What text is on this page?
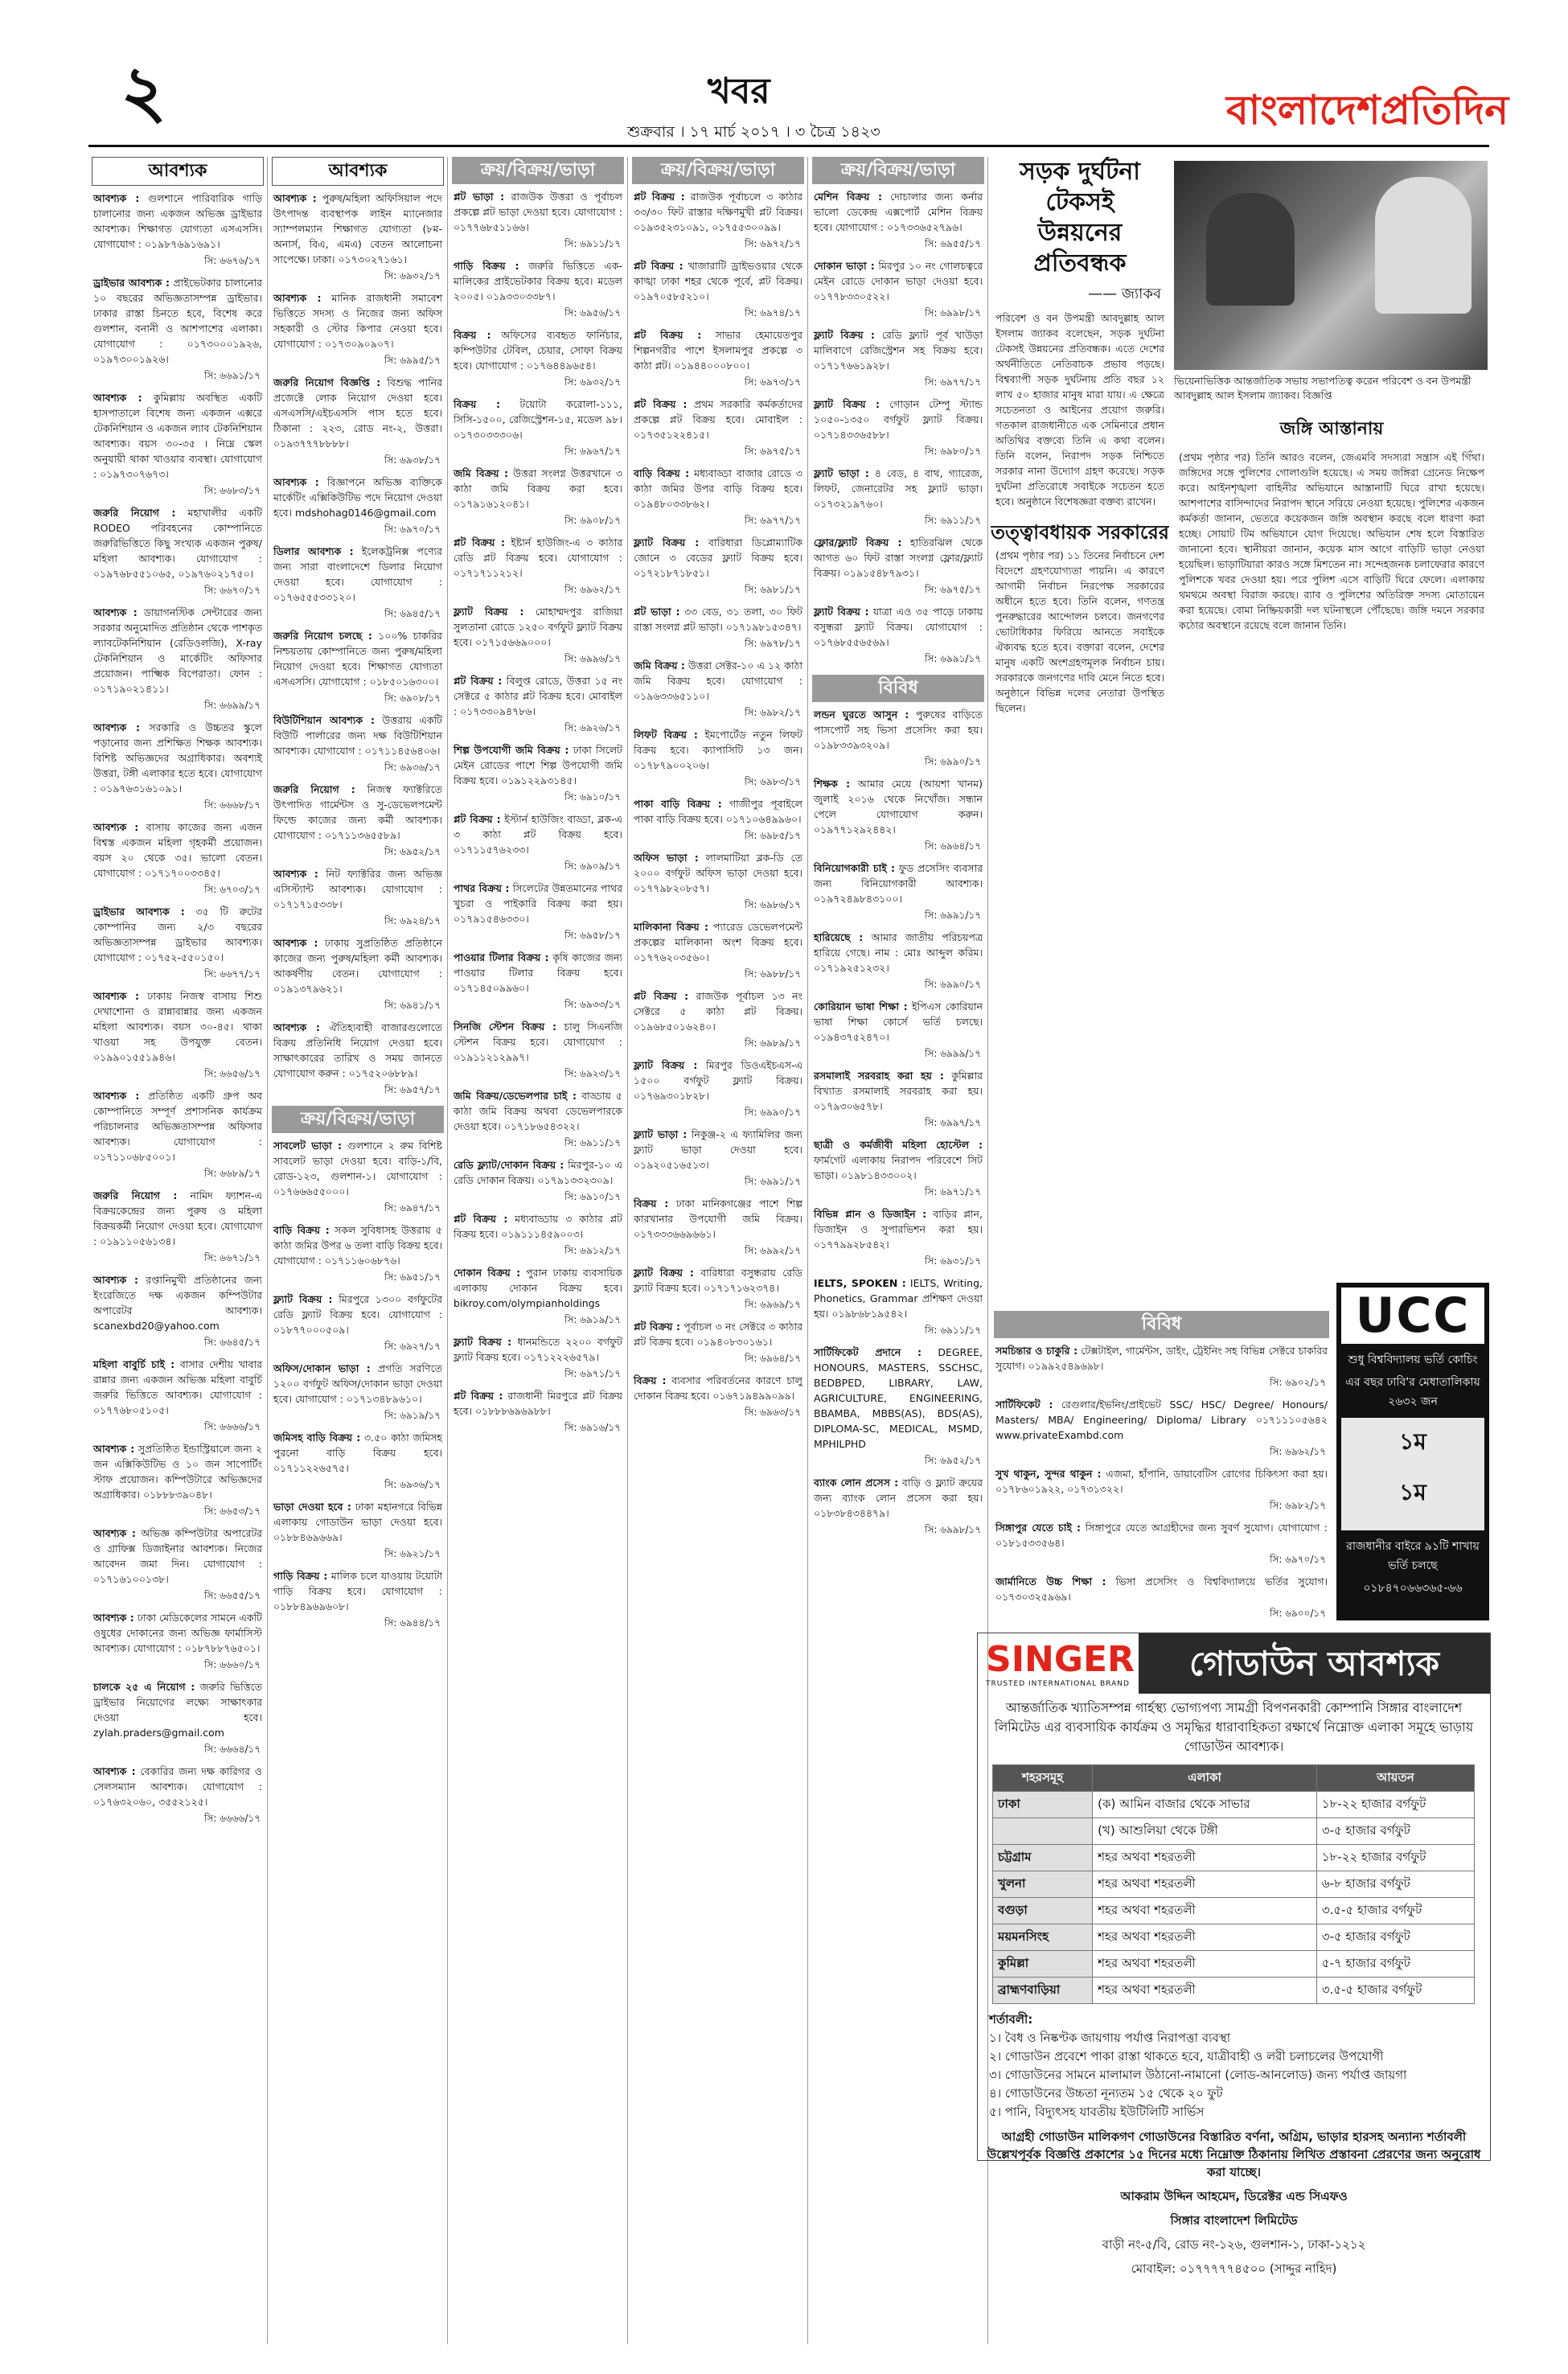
২	খবর
শুক্রবার । ১৭ মার্চ ২০১৭ । ৩ চৈত্র ১৪২৩	বাংলাদেশপ্রতিদিন
আবশ্যক
আবশ্যক : গুলশানে পারিবারিক গাড়ি চালানোর জন্য একজন অভিজ্ঞ ড্রাইভার আবশ্যক। শিক্ষাগত যোগ্যতা এসএসসি। যোগাযোগ : ০১৯৮৭৬৯১৬৯১।
সি: ৬৬৭৬/১৭
ড্রাইভার আবশ্যক : প্রাইভেটকার চালানোর ১০ বছরের অভিজ্ঞতাসম্পন্ন ড্রাইভার। ঢাকার রাস্তা চিনতে হবে, বিশেষ করে গুলশান, বনানী ও আশপাশের এলাকা। যোগাযোগ : ০১৭৩০০০১৯২৬, ০১৯৭৩০০১৯২৬।
সি: ৬৬৯১/১৭
আবশ্যক : কুমিল্লায় অবস্থিত একটি হাসপাতালে বিশেষ জন্য একজন এক্সরে টেকনিশিয়ান ও একজন ল্যাব টেকনিশিয়ান আবশ্যক। বয়স ৩০-৩৫ । নিম্নে স্কেল অনুযায়ী থাকা খাওয়ার ব্যবস্থা। যোগাযোগ : ০১৯৭৩০৭৬৭৩।
সি: ৬৬৮৩/১৭
জরুরি নিয়োগ : মহাখালীর একটি RODEO পরিবহনের কোম্পানিতে জরুরিভিত্তিতে কিছু সংখ্যক একজন পুরুষ/মহিলা আবশ্যক। যোগাযোগ : ০১৯৭৬৮৫৫১০৬৫, ০১৯৭৬০২১৭৫০।
সি: ৬৬৭০/১৭
আবশ্যক : ডায়াগনস্টিক সেন্টারের জন্য সরকার অনুমোদিত প্রতিষ্ঠান থেকে পাশকৃত ল্যাবটেকনিশিয়ান (রেডিওলজি), X-ray টেকনিশিয়ান ও মার্কেটিং অফিসার প্রয়োজন। পাক্ষ্মিক বিপেরাতা। ফোন : ০১৭১৯০২১৪১১।
সি: ৬৬৯৯/১৭
আবশ্যক : সরকারি ও উচ্চতর স্কুলে পড়ানোর জন্য প্রশিক্ষিত শিক্ষক আবশ্যক। বিশিষ্ট অভিজ্ঞদের অগ্রাধিকার। অবশ্যই উত্তরা, টঙ্গী এলাকার হতে হবে। যোগাযোগ : ০১৯৭৬৩১৬১০৯১।
সি: ৬৬৬৮/১৭
আবশ্যক : বাসায় কাজের জন্য এজন বিশ্বস্ত একজন মহিলা গৃহকর্মী প্রয়োজন। বয়স ২০ থেকে ৩৫। ভালো বেতন। যোগাযোগ : ০১৭১৭০০৩৩৪৫।
সি: ৬৭০৩/১৭
ড্রাইভার আবশ্যক : ৩৫ টি রুটের কোম্পানির জন্য ২/৩ বছরের অভিজ্ঞতাসম্পন্ন ড্রাইভার আবশ্যক। যোগাযোগ : ০১৭৫২-৫৫০১৫০।
সি: ৬৬৭৭/১৭
আবশ্যক : ঢাকায় নিজস্ব বাসায় শিশু দেখাশোনা ও রান্নাবান্নার জন্য একজন মহিলা আবশ্যক। বয়স ৩০-৪৫। থাকা খাওয়া সহ উপযুক্ত বেতন। ০১৯৯০১৫৫১৯৪৬।
সি: ৬৬৫৬/১৭
আবশ্যক : প্রতিষ্ঠিত একটি গ্রুপ অব কোম্পানিতে সম্পূর্ণ প্রশাসনিক কার্যক্রম পরিচালনার অভিজ্ঞতাসম্পন্ন অফিসার আবশ্যক। যোগাযোগ : ০১৭১১০৬৮৫০০১।
সি: ৬৬৮৯/১৭
জরুরি নিয়োগ : নামিদ ফ্যাশন-এ বিক্রয়কেন্দ্রের জন্য পুরুষ ও মহিলা বিক্রয়কর্মী নিয়োগ দেওয়া হবে। যোগাযোগ : ০১৯১১০৫৬১৩৪।
সি: ৬৬৭১/১৭
আবশ্যক : রপ্তানিমুখী প্রতিষ্ঠানের জন্য ইংরেজিতে দক্ষ একজন কম্পিউটার অপারেটর আবশ্যক। scanexbd20@yahoo.com
সি: ৬৬৪৫/১৭
মহিলা বাবুর্চি চাই : বাসার দেশীয় খাবার রান্নার জন্য একজন অভিজ্ঞ মহিলা বাবুর্চি জরুরি ভিত্তিতে আবশ্যক। যোগাযোগ : ০১৭৭৬৮০৫১০৫।
সি: ৬৬৬৬/১৭
আবশ্যক : সুপ্রতিষ্ঠিত ইন্ডাস্ট্রিয়ালে জন্য ২ জন এক্সিকিউটিভ ও ১০ জন সাপোর্টিং স্টাফ প্রয়োজন। কম্পিউটারে অভিজ্ঞদের অগ্রাধিকার। ০১৮৮৮৩৯০৪৮।
সি: ৬৬৫৩/১৭
আবশ্যক : অভিজ্ঞ কম্পিউটার অপারেটর ও গ্রাফিক্স ডিজাইনার আবশ্যক। নিজের আবেদন জমা দিন। যোগাযোগ : ০১৭১৬১০০১৩৮।
সি: ৬৬৫৫/১৭
আবশ্যক : ঢাকা মেডিকেলের সামনে একটি ওষুধের দোকানের জন্য অভিজ্ঞ ফার্মাসিস্ট আবশ্যক। যোগাযোগ : ০১৮৭৮৮৭৬৫০১।
সি: ৬৬৬০/১৭
চালকে ২৫ এ নিয়োগ : জরুরি ভিত্তিতে ড্রাইভার নিয়োগের লক্ষ্যে সাক্ষাৎকার দেওয়া হবে। zylah.praders@gmail.com
সি: ৬৬৬৪/১৭
আবশ্যক : বেকারির জন্য দক্ষ কারিগর ও সেলসম্যান আবশ্যক। যোগাযোগ : ০১৭৬৩২০৬০, ৩৫৫২১২৫।
সি: ৬৬৬৬/১৭
আবশ্যক
আবশ্যক : পুরুষ/মহিলা অফিসিয়াল পদে উৎপাদন্ত ব্যবস্থাপক লাইন ম্যানেজার স্যাম্পলম্যান শিক্ষাগত যোগ্যতা (৮ম-অনার্স, বিএ, এমএ) বেতন আলোচনা সাপেক্ষে। ঢাকা। ০১৭৩০২৭১৬১।
সি: ৬৯৩২/১৭
আবশ্যক : মানিক রাজধানী সমাবেশ ভিত্তিতে সদস্য ও নিজের জন্য অফিস সহকারী ও স্টোর কিপার নেওয়া হবে। যোগাযোগ : ০১৭৩০৯০৯০৭।
সি: ৬৯৯৫/১৭
জরুরি নিয়োগ বিজ্ঞপ্তি : বিশুদ্ধ পানির প্রজেক্টে লোক নিয়োগ দেওয়া হবে। এসএসসি/এইচএসসি পাস হতে হবে। ঠিকানা : ২২৩, রোড নং-২, উত্তরা। ০১৯৩৭৭৭৮৮৮৮।
সি: ৬৯৩৮/১৭
আবশ্যক : বিজ্ঞাপনে অভিজ্ঞ ব্যক্তিকে মার্কেটিং এক্সিকিউটিভ পদে নিয়োগ দেওয়া হবে। mdshohag0146@gmail.com
সি: ৬৯৭০/১৭
ডিলার আবশ্যক : ইলেকট্রনিক্স পণ্যের জন্য সারা বাংলাদেশে ডিলার নিয়োগ দেওয়া হবে। যোগাযোগ : ০১৭৬৫৫৫৩৩১২০।
সি: ৬৯৪৫/১৭
জরুরি নিয়োগ চলছে : ১০০% চাকরির নিশ্চয়তায় কোম্পানিতে জন্য পুরুষ/মহিলা নিয়োগ দেওয়া হবে। শিক্ষাগত যোগ্যতা এসএসসি। যোগাযোগ : ০১৮৫০১৬৩০০।
সি: ৬৯০৮/১৭
বিউটিশিয়ান আবশ্যক : উত্তরায় একটি বিউটি পার্লারের জন্য দক্ষ বিউটিশিয়ান আবশ্যক। যোগাযোগ : ০১৭১১৪৫৬৪০৬।
সি: ৬৯৩৬/১৭
জরুরি নিয়োগ : নিজস্ব ফ্যাক্টরিতে উৎপাদিত গার্মেন্টস ও সু-ডেভেলপমেন্ট ফিল্ডে কাজের জন্য কর্মী আবশ্যক। যোগাযোগ : ০১৭১১৩৬৫৫৮৯।
সি: ৬৯৫২/১৭
আবশ্যক : নিট ফ্যাক্টরির জন্য অভিজ্ঞ এসিস্ট্যান্ট আবশ্যক। যোগাযোগ : ০১৭১৭১৫৩৩৮।
সি: ৬৯২৪/১৭
আবশ্যক : ঢাকায় সুপ্রতিষ্ঠিত প্রতিষ্ঠানে কাজের জন্য পুরুষ/মহিলা কর্মী আবশ্যক। আকর্ষণীয় বেতন। যোগাযোগ : ০১৯১৩৭৯৬২১।
সি: ৬৯৪১/১৭
আবশ্যক : ঐতিহ্যবাহী বাজারগুলোতে বিক্রয় প্রতিনিধি নিয়োগ দেওয়া হবে। সাক্ষাৎকারের তারিখ ও সময় জানতে যোগাযোগ করুন : ০১৭৫২০৬৮৮৯।
সি: ৬৯৫৭/১৭
ক্রয়/বিক্রয়/ভাড়া
সাবলেট ভাড়া : গুলশানে ২ রুম বিশিষ্ট সাবলেট ভাড়া দেওয়া হবে। বাড়ি-১/বি, রোড-১২৩, গুলশান-১। যোগাযোগ : ০১৭৬৬৬৫৫০০০।
সি: ৬৯৪৭/১৭
বাড়ি বিক্রয় : সকল সুবিধাসহ উত্তরায় ৫ কাঠা জমির উপর ৬ তলা বাড়ি বিক্রয় হবে। যোগাযোগ : ০১৭১১৬০৬৮৭৬।
সি: ৬৯৫১/১৭
ফ্ল্যাট বিক্রয় : মিরপুরে ১৩০০ বর্গফুটের রেডি ফ্ল্যাট বিক্রয় হবে। যোগাযোগ : ০১৮৭৭০০০৫০৯।
সি: ৬৯২৭/১৭
অফিস/দোকান ভাড়া : প্রগতি সরণিতে ১২০০ বর্গফুট অফিস/দোকান ভাড়া দেওয়া হবে। যোগাযোগ : ০১৭১৩৪৮৯৬১০।
সি: ৬৯১৯/১৭
জমিসহ বাড়ি বিক্রয় : ৩.৫০ কাঠা জমিসহ পুরনো বাড়ি বিক্রয় হবে। ০১৭১১২২৬৫৭৫।
সি: ৬৯৩৬/১৭
ভাড়া দেওয়া হবে : ঢাকা মহানগরে বিভিন্ন এলাকায় গোডাউন ভাড়া দেওয়া হবে। ০১৮৮৪৬৯৬৬৯।
সি: ৬৯২১/১৭
গাড়ি বিক্রয় : মালিক চলে যাওয়ায় টয়োটা গাড়ি বিক্রয় হবে। যোগাযোগ : ০১৮৮৪৯৬৯৬০৮।
সি: ৬৯৪৪/১৭
ক্রয়/বিক্রয়/ভাড়া
প্লট ভাড়া : রাজউক উত্তরা ও পূর্বাচল প্রকল্পে প্লট ভাড়া দেওয়া হবে। যোগাযোগ : ০১৭৭৬৮৫১১৬৬।
সি: ৬৯১১/১৭
গাড়ি বিক্রয় : জরুরি ভিত্তিতে এক-মালিকের প্রাইভেটকার বিক্রয় হবে। মডেল ২০০৫। ০১৯৩৩০৩৩৮৭।
সি: ৬৯৫৬/১৭
বিক্রয় : অফিসের ব্যবহৃত ফার্নিচার, কম্পিউটার টেবিল, চেয়ার, সোফা বিক্রয় হবে। যোগাযোগ : ০১৭৬৪৪৯৬৫৪।
সি: ৬৯৩২/১৭
বিক্রয় : টয়োটা করোলা-১১১, সিসি-১৫০০, রেজিস্ট্রেশন-১৫, মডেল ৯৮। ০১৭৩০৩৩৩০৬।
সি: ৬৯৬৭/১৭
জমি বিক্রয় : উত্তরা সংলগ্ন উত্তরখানে ৩ কাঠা জমি বিক্রয় করা হবে। ০১৭৯১৬১২০৪১।
সি: ৬৯০৮/১৭
প্লট বিক্রয় : ইষ্টার্ন হাউজিং-এ ৩ কাঠার রেডি প্লট বিক্রয় হবে। যোগাযোগ : ০১৭১৭১১২১২।
সি: ৬৯৬২/১৭
ফ্ল্যাট বিক্রয় : মোহাম্মদপুর রাজিয়া সুলতানা রোডে ১২৫০ বর্গফুট ফ্ল্যাট বিক্রয় হবে। ০১৭১৫৬৬৯০০০।
সি: ৬৯৯৬/১৭
প্লট বিক্রয় : বিলুপ্ত রোডে, উত্তরা ১৫ নং সেক্টরে ৫ কাঠার প্লট বিক্রয় হবে। মোবাইল : ০১৭৩৩০৯৪৭৮৬।
সি: ৬৯২৬/১৭
শিল্প উপযোগী জমি বিক্রয় : ঢাকা সিলেট মেইন রোডের পাশে শিল্প উপযোগী জমি বিক্রয় হবে। ০১৯১২২৯৩১৪৫।
সি: ৬৯১০/১৭
প্লট বিক্রয় : ইস্টার্ন হাউজিং বাড্ডা, ব্লক-এ ৩ কাঠা প্লট বিক্রয় হবে। ০১৭১১৫৭৬২৩৩।
সি: ৬৯০৯/১৭
পাথর বিক্রয় : সিলেটের উন্নতমানের পাথর খুচরা ও পাইকারি বিক্রয় করা হয়। ০১৭৯১৫৪৬৩৩০।
সি: ৬৯৫৮/১৭
পাওয়ার টিলার বিক্রয় : কৃষি কাজের জন্য পাওয়ার টিলার বিক্রয় হবে। ০১৭১৪৫০৯৯৬০।
সি: ৬৯৩৩/১৭
সিনজি স্টেশন বিক্রয় : চালু সিএনজি স্টেশন বিক্রয় হবে। যোগাযোগ : ০১৯১১২১২৯৯৭।
সি: ৬৯২৩/১৭
জমি বিক্রয়/ডেভেলপার চাই : বাড্ডায় ৫ কাঠা জমি বিক্রয় অথবা ডেভেলপারকে দেওয়া হবে। ০১৭১৮৬৫৪৩২২।
সি: ৬৯১১/১৭
রেডি ফ্ল্যাট/দোকান বিক্রয় : মিরপুর-১০ এ রেডি দোকান বিক্রয়। ০১৭৯১৩৩২৩০৯।
সি: ৬৯১০/১৭
প্লট বিক্রয় : মধ্যবাড্ডায় ৩ কাঠার প্লট বিক্রয় হবে। ০১৯১১১৪৫৯০০৩।
সি: ৬৯১২/১৭
দোকান বিক্রয় : পুরান ঢাকায় ব্যবসায়িক এলাকায় দোকান বিক্রয় হবে। bikroy.com/olympianholdings
সি: ৬৯১৯/১৭
ফ্ল্যাট বিক্রয় : ধানমন্ডিতে ২২০০ বর্গফুট ফ্ল্যাট বিক্রয় হবে। ০১৭১২২২৬৫৭৯।
সি: ৬৯৭১/১৭
প্লট বিক্রয় : রাজধানী মিরপুরে প্লট বিক্রয় হবে। ০১৮৮৮৬৯৬৯৮৮।
সি: ৬৯১৬/১৭
ক্রয়/বিক্রয়/ভাড়া
প্লট বিক্রয় : রাজউক পূর্বাচলে ৩ কাঠার ৩৩/৩০ ফিট রাস্তার দক্ষিণমুখী প্লট বিক্রয়। ০১৯৩৫২৩১০৯১, ০১৭৫৫৩০০৯৯।
সি: ৬৯৭২/১৭
প্লট বিক্রয় : খাজারাটি ড্রাইভওয়ার থেকে কাঙ্খা ঢাকা শহর থেকে পূর্বে, প্লট বিক্রয়। ০১৯৭০৫৮৫২১০।
সি: ৬৯৭৪/১৭
প্লট বিক্রয় : সাভার হেমায়েতপুর শিল্পনগরীর পাশে ইসলামপুর প্রকল্পে ৩ কাঠা প্লট। ০১৯৪৪০০০৮০০।
সি: ৬৯৭৩/১৭
প্লট বিক্রয় : প্রথম সরকারি কর্মকর্তাদের প্রকল্পে প্লট বিক্রয় হবে। মোবাইল : ০১৭৩৫১২২৪১৫।
সি: ৬৯৭৫/১৭
বাড়ি বিক্রয় : মধ্যবাড্ডা বাজার রোডে ৩ কাঠা জমির উপর বাড়ি বিক্রয় হবে। ০১৯৪৮০৩৩৮৬২।
সি: ৬৯৭৭/১৭
ফ্ল্যাট বিক্রয় : বারিধারা ডিপ্লোম্যাটিক জোনে ৩ বেডের ফ্ল্যাট বিক্রয় হবে। ০১৭২১৮৭১৮৫১।
সি: ৬৯৮১/১৭
প্লট ভাড়া : ৩৩ বেড, ৩১ তলা, ৩০ ফিট রাস্তা সংলগ্ন প্লট ভাড়া। ০১৭১৯৮১৫৩৪৭।
সি: ৬৯৭৮/১৭
জমি বিক্রয় : উত্তরা সেক্টর-১০ এ ১২ কাঠা জমি বিক্রয় হবে। যোগাযোগ : ০১৯৬৩৩৬৫১১০।
সি: ৬৯৮২/১৭
লিফট বিক্রয় : ইমপোর্টেড নতুন লিফট বিক্রয় হবে। ক্যাপাসিটি ১৩ জন। ০১৭৮৭৯০০২০৬।
সি: ৬৯৮৩/১৭
পাকা বাড়ি বিক্রয় : গাজীপুর পূবাইলে পাকা বাড়ি বিক্রয় হবে। ০১৭১০৬৪৯৯৬০।
সি: ৬৯৮৫/১৭
অফিস ভাড়া : লালমাটিয়া ব্লক-ডি তে ২০০০ বর্গফুট অফিস ভাড়া দেওয়া হবে। ০১৭৭৯৮২০৮৫৭।
সি: ৬৯৮৬/১৭
মালিকানা বিক্রয় : প্যারেড ডেভেলপমেন্ট প্রকল্পের মালিকানা অংশ বিক্রয় হবে। ০১৭৭৬২০৩৫৬০।
সি: ৬৯৮৮/১৭
প্লট বিক্রয় : রাজউক পূর্বাচল ১৩ নং সেক্টরে ৫ কাঠা প্লট বিক্রয়। ০১৯৬৮৫০১৬২৪০।
সি: ৬৯৮৯/১৭
ফ্ল্যাট বিক্রয় : মিরপুর ডিওএইচএস-এ ১৫০০ বর্গফুট ফ্ল্যাট বিক্রয়। ০১৭৬৯৩০১৮২৮।
সি: ৬৯৯০/১৭
ফ্ল্যাট ভাড়া : নিকুঞ্জ-২ এ ফ্যামিলির জন্য ফ্ল্যাট ভাড়া দেওয়া হবে। ০১৯২০৫১৬৫১৩।
সি: ৬৯৯১/১৭
বিক্রয় : ঢাকা মানিকগঞ্জের পাশে শিল্প কারখানার উপযোগী জমি বিক্রয়। ০১৭৩৩৩৬৬৯৬৬১।
সি: ৬৯৯২/১৭
ফ্ল্যাট বিক্রয় : বারিধারা বসুন্ধরায় রেডি ফ্ল্যাট বিক্রয় হবে। ০১৭১৭১৬২৩৭৪।
সি: ৬৯৬৯/১৭
প্লট বিক্রয় : পূর্বাচল ৩ নং সেক্টরে ৩ কাঠার প্লট বিক্রয় হবে। ০১৯৪০৮৩০১৬১।
সি: ৬৯৬৪/১৭
বিক্রয় : ব্যবসার পরিবর্তনের কারণে চালু দোকান বিক্রয় হবে। ০১৬৭১৯৪৯৯০৯৯।
সি: ৬৯৬৩/১৭
ক্রয়/বিক্রয়/ভাড়া
মেশিন বিক্রয় : দোচালার জন্য কর্নার ভালো ডেকেন্দ্র এক্সপোর্ট মেশিন বিক্রয় হবে। যোগাযোগ : ০১৭৩৩৬৫২৭৯৬।
সি: ৬৯৫৫/১৭
দোকান ভাড়া : মিরপুর ১০ নং গোলচত্বরে মেইন রোডে দোকান ভাড়া দেওয়া হবে। ০১৭৭৮৩৩০৫২২।
সি: ৬৯৯৮/১৭
ফ্ল্যাট বিক্রয় : রেডি ফ্ল্যাট পূর্ব খাউড়া মালিবাগে রেজিস্ট্রেশন সহ বিক্রয় হবে। ০১৭১৭৬৬১৯২৮।
সি: ৬৯৭৭/১৭
ফ্ল্যাট বিক্রয় : গোড়ান টেম্পু স্ট্যান্ড ১০৫০-১৩৫০ বর্গফুট ফ্ল্যাট বিক্রয়। ০১৭১৪৩৩৬৫৮৮।
সি: ৬৯৮০/১৭
ফ্ল্যাট ভাড়া : ৪ বেড, ৪ বাথ, গ্যারেজ, লিফট, জেনারেটর সহ ফ্ল্যাট ভাড়া। ০১৭৩২১৯৭৬০।
সি: ৬৯১১/১৭
ফ্লোর/ফ্ল্যাট বিক্রয় : হাতিরঝিল থেকে আগত ৬০ ফিট রাস্তা সংলগ্ন ফ্লোর/ফ্ল্যাট বিক্রয়। ০১৯১৫৪৮৭৯৩১।
সি: ৬৯৭৫/১৭
ফ্ল্যাট বিক্রয় : যাত্রা এও ৩৫ পাড়ে ঢাকায় বসুন্ধরা ফ্ল্যাট বিক্রয়। যোগাযোগ : ০১৭৬৮৫৫৬৫৬৯।
সি: ৬৯৯১/১৭
বিবিধ
লন্ডন ঘুরতে আসুন : পুরুষের বাড়িতে পাসপোর্ট সহ ভিসা প্রসেসিং করা হয়। ০১৯৮৩৩৯৩২০৯।
সি: ৬৯৯০/১৭
শিক্ষক : আমার মেয়ে (আয়শা খানম) জুলাই ২০১৬ থেকে নিখোঁজ। সন্ধান পেলে যোগাযোগ করুন। ০১৯৭৭১২৯২৪৪২।
সি: ৬৯৬৪/১৭
বিনিয়োগকারী চাই : ফুড প্রসেসিং ব্যবসার জন্য বিনিয়োগকারী আবশ্যক। ০১৯৭২৪৯৮৪৩১০০।
সি: ৬৯৯১/১৭
হারিয়েছে : আমার জাতীয় পরিচয়পত্র হারিয়ে গেছে। নাম : মোঃ আব্দুল করিম। ০১৭১৯২৫১২৩২।
সি: ৬৯৯০/১৭
কোরিয়ান ভাষা শিক্ষা : ইপিএস কোরিয়ান ভাষা শিক্ষা কোর্সে ভর্তি চলছে। ০১৯৪৩৭৫২৪৭০।
সি: ৬৯৯৯/১৭
রসমালাই সরবরাহ করা হয় : কুমিল্লার বিখ্যাত রসমালাই সরবরাহ করা হয়। ০১৭৯৩০৬৫৭৮।
সি: ৬৯৯৭/১৭
ছাত্রী ও কর্মজীবী মহিলা হোস্টেল : ফার্মগেট এলাকায় নিরাপদ পরিবেশে সিট ভাড়া। ০১৯৮১৪৩৩০০২।
সি: ৬৯৭১/১৭
বিভিন্ন প্লান ও ডিজাইন : বাড়ির প্লান, ডিজাইন ও সুপারভিশন করা হয়। ০১৭৭৯৯২৮৫৪২।
সি: ৬৯৩১/১৭
IELTS, SPOKEN : IELTS, Writing, Phonetics, Grammar প্রশিক্ষণ দেওয়া হয়। ০১৯৮৬৮১৯৫৪২।
সি: ৬৯১১/১৭
সার্টিফিকেট প্রদানে : DEGREE, HONOURS, MASTERS, SSCHSC, BEDBPED, LIBRARY, LAW, AGRICULTURE, ENGINEERING, BBAMBA, MBBS(AS), BDS(AS), DIPLOMA-SC, MEDICAL, MSMD, MPHILPHD
সি: ৬৯৫২/১৭
ব্যাংক লোন প্রসেস : বাড়ি ও ফ্ল্যাট ক্রয়ের জন্য ব্যাংক লোন প্রসেস করা হয়। ০১৮৩৮৪৩৪৪৭৯।
সি: ৬৯৯৮/১৭
সড়ক দুর্ঘটনা টেকসই
উন্নয়নের প্রতিবন্ধক
—— জ্যাকব
পরিবেশ ও বন উপমন্ত্রী আবদুল্লাহ আল ইসলাম জ্যাকব বলেছেন, সড়ক দুর্ঘটনা টেকসই উন্নয়নের প্রতিবন্ধক। এতে দেশের অর্থনীতিতে নেতিবাচক প্রভাব পড়ছে। বিশ্বব্যাপী সড়ক দুর্ঘটনায় প্রতি বছর ১২ লাখ ৫০ হাজার মানুষ মারা যায়। এ ক্ষেত্রে সচেতনতা ও আইনের প্রয়োগ জরুরি। গতকাল রাজধানীতে এক সেমিনারে প্রধান অতিথির বক্তব্যে তিনি এ কথা বলেন। তিনি বলেন, নিরাপদ সড়ক নিশ্চিতে সরকার নানা উদ্যোগ গ্রহণ করেছে। সড়ক দুর্ঘটনা প্রতিরোধে সবাইকে সচেতন হতে হবে। অনুষ্ঠানে বিশেষজ্ঞরা বক্তব্য রাখেন।
তত্ত্বাবধায়ক সরকারের
(প্রথম পৃষ্ঠার পর) ১১ তিনের নির্বাচনে দেশ বিদেশে গ্রহণযোগ্যতা পায়নি। এ কারণে আগামী নির্বাচন নিরপেক্ষ সরকারের অধীনে হতে হবে। তিনি বলেন, গণতন্ত্র পুনরুদ্ধারের আন্দোলন চলবে। জনগণের ভোটাধিকার ফিরিয়ে আনতে সবাইকে ঐক্যবদ্ধ হতে হবে। বক্তারা বলেন, দেশের মানুষ একটি অংশগ্রহণমূলক নির্বাচন চায়। সরকারকে জনগণের দাবি মেনে নিতে হবে। অনুষ্ঠানে বিভিন্ন দলের নেতারা উপস্থিত ছিলেন।
ভিয়েনাভিত্তিক আন্তর্জাতিক সভায় সভাপতিত্ব করেন পরিবেশ ও বন উপমন্ত্রী আবদুল্লাহ আল ইসলাম জ্যাকব। বিজ্ঞপ্তি
জঙ্গি আস্তানায়
(প্রথম পৃষ্ঠার পর) তিনি আরও বলেন, জেএমবি সদস্যরা সন্ত্রাস এই গিঁথা। জঙ্গিদের সঙ্গে পুলিশের গোলাগুলি হয়েছে। এ সময় জঙ্গিরা গ্রেনেড নিক্ষেপ করে। আইনশৃঙ্খলা বাহিনীর অভিযানে আস্তানাটি ঘিরে রাখা হয়েছে। আশপাশের বাসিন্দাদের নিরাপদ স্থানে সরিয়ে নেওয়া হয়েছে। পুলিশের একজন কর্মকর্তা জানান, ভেতরে কয়েকজন জঙ্গি অবস্থান করছে বলে ধারণা করা হচ্ছে। সোয়াট টিম অভিযানে যোগ দিয়েছে। অভিযান শেষ হলে বিস্তারিত জানানো হবে। স্থানীয়রা জানান, কয়েক মাস আগে বাড়িটি ভাড়া নেওয়া হয়েছিল। ভাড়াটিয়ারা কারও সঙ্গে মিশতেন না। সন্দেহজনক চলাফেরার কারণে পুলিশকে খবর দেওয়া হয়। পরে পুলিশ এসে বাড়িটি ঘিরে ফেলে। এলাকায় থমথমে অবস্থা বিরাজ করছে। র‌্যাব ও পুলিশের অতিরিক্ত সদস্য মোতায়েন করা হয়েছে। বোমা নিষ্ক্রিয়কারী দল ঘটনাস্থলে পৌঁছেছে। জঙ্গি দমনে সরকার কঠোর অবস্থানে রয়েছে বলে জানান তিনি।
বিবিধ
সমচিন্তার ও চাকুরি : টেক্সটাইল, গার্মেন্টস, ডাইং, ট্রেইনিং সহ বিভিন্ন সেক্টরে চাকরির সুযোগ। ০১৯৯২৫৪৯৬৯৮।
সি: ৬৯০২/১৭
সার্টিফিকেট : রেগুলার/ইভনিং/প্রাইভেট SSC/ HSC/ Degree/ Honours/ Masters/ MBA/ Engineering/ Diploma/ Library ০১৭১১১০৫৬৪২ www.privateExambd.com
সি: ৬৯৬২/১৭
সুখ থাকুন, সুন্দর থাকুন : এজমা, হাঁপানি, ডায়াবেটিস রোগের চিকিৎসা করা হয়। ০১৭৮৬০১৯২২, ০১৭৩১৩২২।
সি: ৬৯৮২/১৭
সিঙ্গাপুর যেতে চাই : সিঙ্গাপুরে যেতে আগ্রহীদের জন্য সুবর্ণ সুযোগ। যোগাযোগ : ০১৮১৫৩৩৫৬৪।
সি: ৬৯৭০/১৭
জার্মানিতে উচ্চ শিক্ষা : ভিসা প্রসেসিং ও বিশ্ববিদ্যালয়ে ভর্তির সুযোগ। ০১৭৩০৩২৫৯৬৯।
সি: ৬৯০০/১৭
UCC
শুধু বিশ্ববিদ্যালয় ভর্তি কোচিং
এর বছর ঢাবি'র মেধাতালিকায় ২৬৩২ জন
১ম
১ম
রাজধানীর বাইরে ৯১টি শাখায় ভর্তি চলছে
০১৮৪৭০৬৬৩৬৫-৬৬
SINGER
TRUSTED INTERNATIONAL BRAND
গোডাউন আবশ্যক
আন্তর্জাতিক খ্যাতিসম্পন্ন গার্হস্থ্য ভোগ্যপণ্য সামগ্রী বিপণনকারী কোম্পানি সিঙ্গার বাংলাদেশ লিমিটেড এর ব্যবসায়িক কার্যক্রম ও সমৃদ্ধির ধারাবাহিকতা রক্ষার্থে নিম্নোক্ত এলাকা সমূহে ভাড়ায় গোডাউন আবশ্যক।
শহরসমূহ	এলাকা	আয়তন
ঢাকা	(ক) আমিন বাজার থেকে সাভার	১৮-২২ হাজার বর্গফুট
	(খ) আশুলিয়া থেকে টঙ্গী	৩-৫ হাজার বর্গফুট
চট্টগ্রাম	শহর অথবা শহরতলী	১৮-২২ হাজার বর্গফুট
খুলনা	শহর অথবা শহরতলী	৬-৮ হাজার বর্গফুট
বগুড়া	শহর অথবা শহরতলী	৩.৫-৫ হাজার বর্গফুট
ময়মনসিংহ	শহর অথবা শহরতলী	৩-৫ হাজার বর্গফুট
কুমিল্লা	শহর অথবা শহরতলী	৫-৭ হাজার বর্গফুট
ব্রাহ্মণবাড়িয়া	শহর অথবা শহরতলী	৩.৫-৫ হাজার বর্গফুট
শর্তাবলী:
১। বৈধ ও নিষ্কণ্টক জায়গায় পর্যাপ্ত নিরাপত্তা ব্যবস্থা
২। গোডাউন প্রবেশে পাকা রাস্তা থাকতে হবে, যাত্রীবাহী ও লরী চলাচলের উপযোগী
৩। গোডাউনের সামনে মালামাল উঠানো-নামানো (লোড-আনলোড) জন্য পর্যাপ্ত জায়গা
৪। গোডাউনের উচ্চতা নূন্যতম ১৫ থেকে ২০ ফুট
৫। পানি, বিদ্যুৎসহ যাবতীয় ইউটিলিটি সার্ভিস
আগ্রহী গোডাউন মালিকগণ গোডাউনের বিস্তারিত বর্ণনা, অগ্রিম, ভাড়ার হারসহ অন্যান্য শর্তাবলী উল্লেখপূর্বক বিজ্ঞপ্তি প্রকাশের ১৫ দিনের মধ্যে নিম্নোক্ত ঠিকানায় লিখিত প্রস্তাবনা প্রেরণের জন্য অনুরোধ করা যাচ্ছে।
আকরাম উদ্দিন আহমেদ, ডিরেক্টর এন্ড সিএফও
সিঙ্গার বাংলাদেশ লিমিটেড
বাড়ী নং-৫/বি, রোড নং-১২৬, গুলশান-১, ঢাকা-১২১২
মোবাইল: ০১৭৭৭৭৭৪৫০০ (সাদ্দুর নাহিদ)
